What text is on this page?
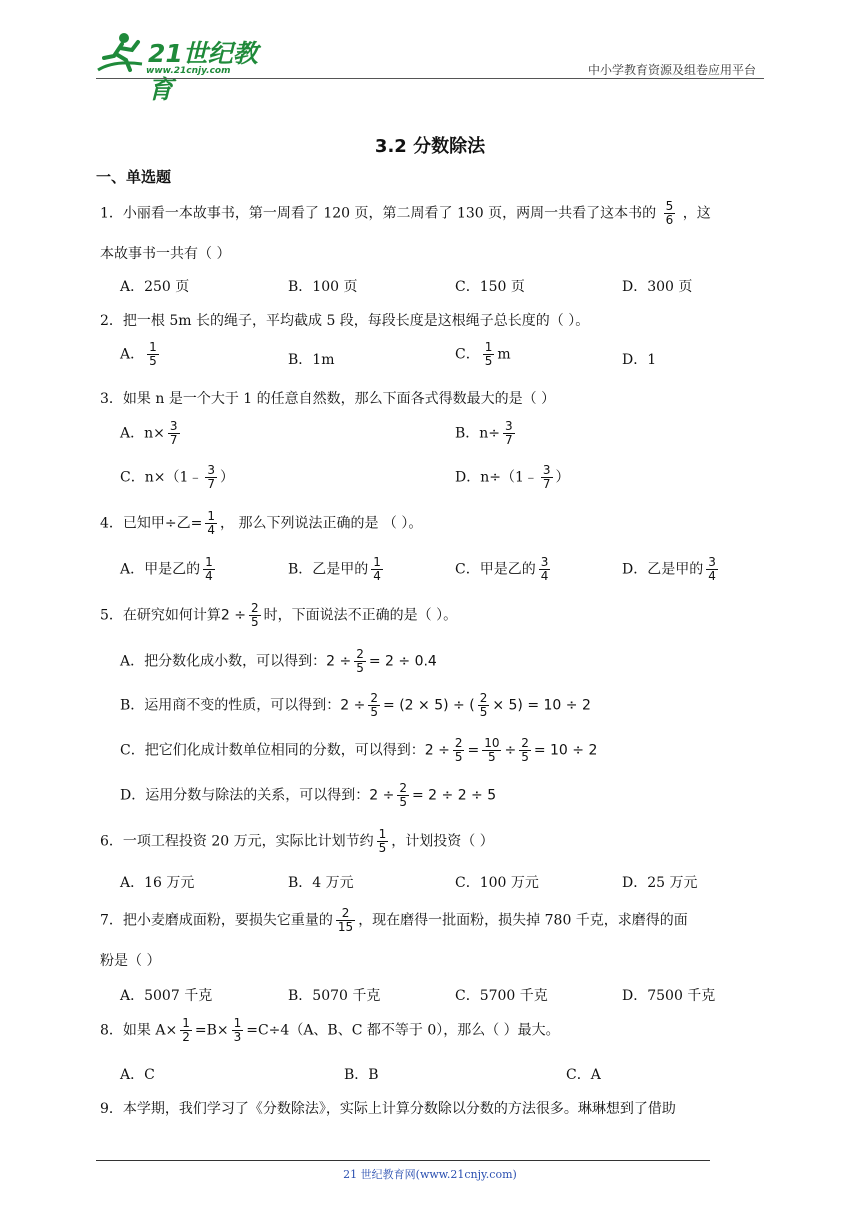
21世纪教育
www.21cnjy.com	中小学教育资源及组卷应用平台
3.2 分数除法
一、单选题
1．小丽看一本故事书，第一周看了 120 页，第二周看了 130 页，两周一共看了这本书的 $\frac{5}{6}$ ，这
本故事书一共有（ ）
A．250 页	B．100 页	C．150 页	D．300 页
2．把一根 5m 长的绳子，平均截成 5 段，每段长度是这根绳子总长度的（ ）。
A． $\frac{1}{5}$	B．1m	C． $\frac{1}{5}$ m	D．1
3．如果 n 是一个大于 1 的任意自然数，那么下面各式得数最大的是（ ）
A．$n\times \frac{3}{7}$	B．$n\div \frac{3}{7}$
C．n×（1﹣ $\frac{3}{7}$ ）	D．n÷（1﹣ $\frac{3}{7}$ ）
4．已知甲÷乙= $\frac{1}{4}$ ， 那么下列说法正确的是 （ ）。
A．甲是乙的 $\frac{1}{4}$	B．乙是甲的 $\frac{1}{4}$	C．甲是乙的 $\frac{3}{4}$	D．乙是甲的 $\frac{3}{4}$
5．在研究如何计算$2 \div \frac{2}{5}$ 时，下面说法不正确的是（ ）。
A．把分数化成小数，可以得到：$2 \div \frac{2}{5} = 2 \div 0.4$
B．运用商不变的性质，可以得到：$2 \div \frac{2}{5} = (2 \times 5)$ ÷ ( $\frac{2}{5} \times 5) = 10 \div 2$
C．把它们化成计数单位相同的分数，可以得到：$2 \div \frac{2}{5} = \frac{10}{5} \div \frac{2}{5} = 10 \div 2$
D．运用分数与除法的关系，可以得到：$2 \div \frac{2}{5} = 2 \div 2 \div 5$
6．一项工程投资 20 万元，实际比计划节约 $\frac{1}{5}$ ，计划投资（ ）
A．16 万元	B．4 万元	C．100 万元	D．25 万元
7．把小麦磨成面粉，要损失它重量的 $\frac{2}{15}$ ，现在磨得一批面粉，损失掉 780 千克，求磨得的面
粉是（ ）
A．5007 千克	B．5070 千克	C．5700 千克	D．7500 千克
8．如果 $A\times \frac{1}{2} =B\times \frac{1}{3} =C\div 4(A$、B、C 都不等于 0），那么（ ）最大。
A．C	B．B	C．A
9．本学期，我们学习了《分数除法》，实际上计算分数除以分数的方法很多。琳琳想到了借助
21 世纪教育网(www.21cnjy.com)
